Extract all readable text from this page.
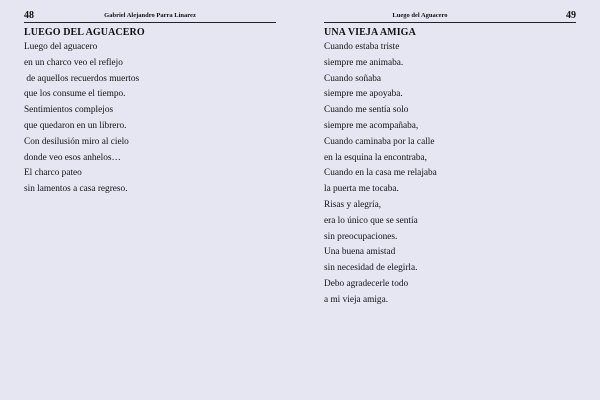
48	Gabriel Alejandro Parra Linarez
LUEGO DEL AGUACERO
Luego del aguacero
en un charco veo el reflejo
de aquellos recuerdos muertos
que los consume el tiempo.
Sentimientos complejos
que quedaron en un librero.
Con desilusión miro al cielo
donde veo esos anhelos…
El charco pateo
sin lamentos a casa regreso.
Luego del Aguacero	49
UNA VIEJA AMIGA
Cuando estaba triste
siempre me animaba.
Cuando soñaba
siempre me apoyaba.
Cuando me sentía solo
siempre me acompañaba,
Cuando caminaba por la calle
en la esquina la encontraba,
Cuando en la casa me relajaba
la puerta me tocaba.
Risas y alegría,
era lo único que se sentía
sin preocupaciones.
Una buena amistad
sin necesidad de elegirla.
Debo agradecerle todo
a mi vieja amiga.
